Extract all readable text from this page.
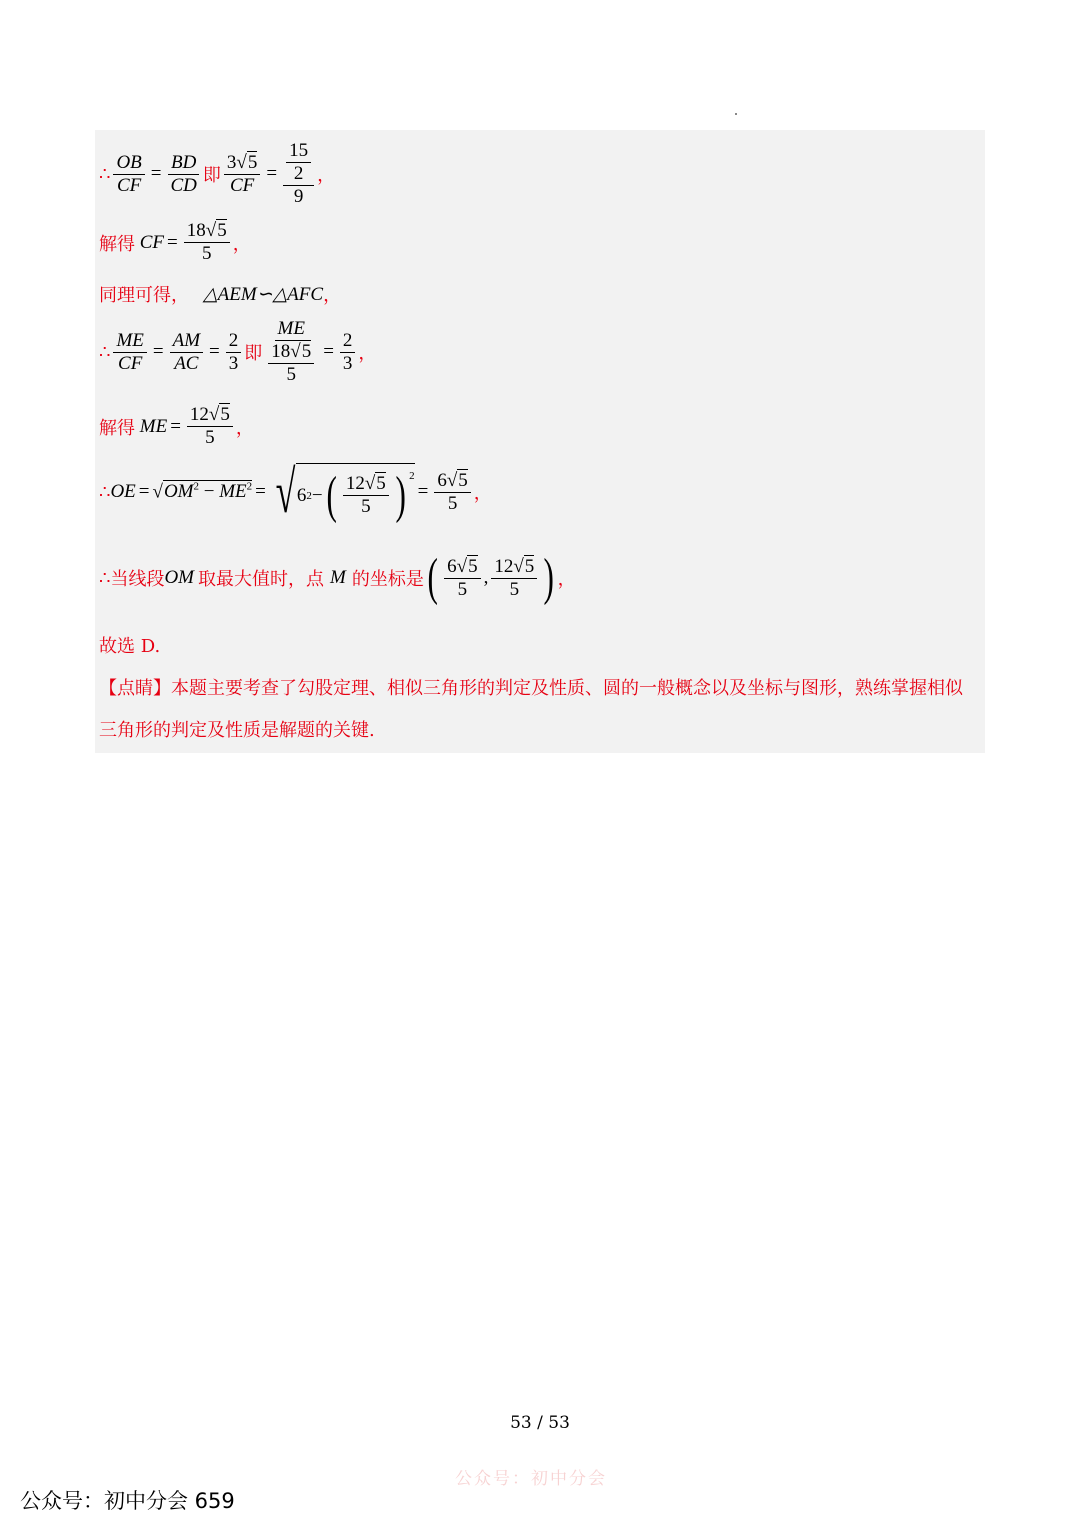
∴ $\frac{OB}{CF} = \frac{BD}{CD}$ 即 $\frac{3√5}{CF} = \frac{\frac{15}{2}}{9}$ ，
解得 CF = $\frac{18√5}{5}$ ，
同理可得， △AEM∽△AFC ，
∴ $\frac{ME}{CF} = \frac{AM}{AC} = \frac{2}{3}$ 即 $\frac{ME}{\frac{18√5}{5}} = \frac{2}{3}$ ，
解得 ME = $\frac{12√5}{5}$ ，
∴ OE = $√OM^2 - ME^2$ = √ 6 2 − ( $\frac{12√5}{5}$ ) $^2$
= $\frac{6√5}{5}$ ，
∴ 当线段 OM 取最大值时，点 M 的坐标是 ( $\frac{6√5}{5}$ , $\frac{12√5}{5}$ ) ，
故选 D.
【点睛】本题主要考查了勾股定理、相似三角形的判定及性质、圆的一般概念以及坐标与图形，熟练掌握相似三角形的判定及性质是解题的关键.
53 / 53
公众号：初中分会
公众号：初中分会 659
